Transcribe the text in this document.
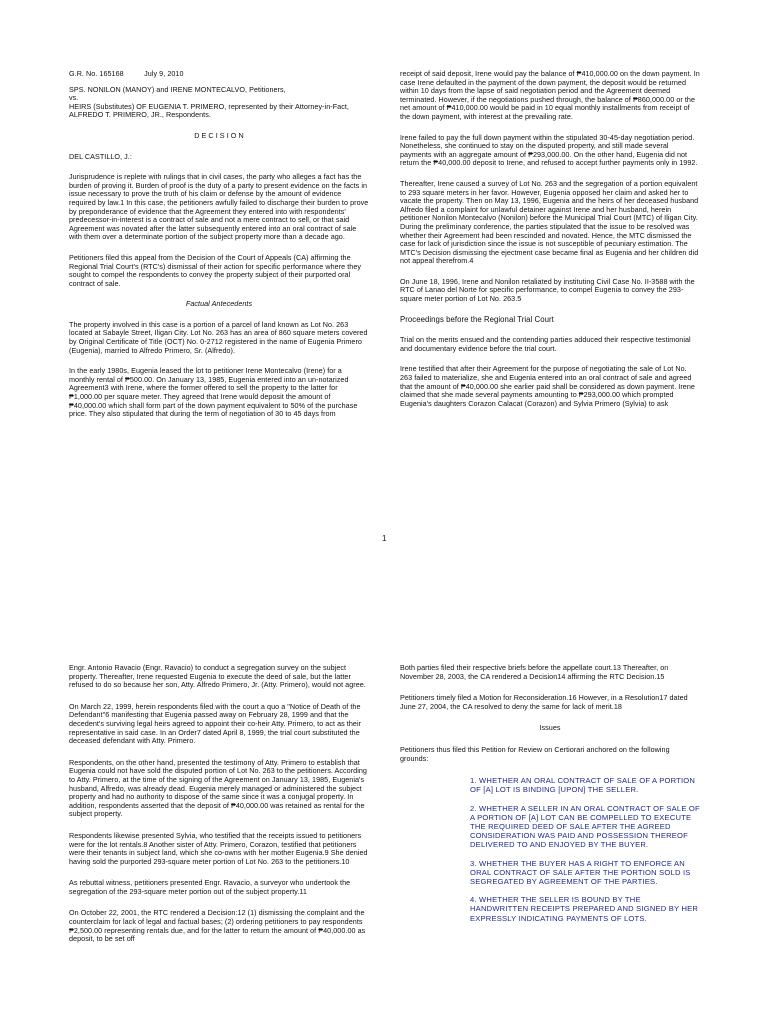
G.R. No. 165168          July 9, 2010

SPS. NONILON (MANOY) and IRENE MONTECALVO, Petitioners,

vs.

HEIRS (Substitutes) OF EUGENIA T. PRIMERO, represented by their Attorney-in-Fact, ALFREDO T. PRIMERO, JR., Respondents.

D E C I S I O N

DEL CASTILLO, J.:

Jurisprudence is replete with rulings that in civil cases, the party who alleges a fact has the burden of proving it. Burden of proof is the duty of a party to present evidence on the facts in issue necessary to prove the truth of his claim or defense by the amount of evidence required by law.1 In this case, the petitioners awfully failed to discharge their burden to prove by preponderance of evidence that the Agreement they entered into with respondents' predecessor-in-interest is a contract of sale and not a mere contract to sell, or that said Agreement was novated after the latter subsequently entered into an oral contract of sale with them over a determinate portion of the subject property more than a decade ago.

Petitioners filed this appeal from the Decision of the Court of Appeals (CA) affirming the Regional Trial Court's (RTC's) dismissal of their action for specific performance where they sought to compel the respondents to convey the property subject of their purported oral contract of sale.

Factual Antecedents

The property involved in this case is a portion of a parcel of land known as Lot No. 263 located at Sabayle Street, Iligan City. Lot No. 263 has an area of 860 square meters covered by Original Certificate of Title (OCT) No. 0-2712 registered in the name of Eugenia Primero (Eugenia), married to Alfredo Primero, Sr. (Alfredo).

In the early 1980s, Eugenia leased the lot to petitioner Irene Montecalvo (Irene) for a monthly rental of ₱500.00. On January 13, 1985, Eugenia entered into an un-notarized Agreement3 with Irene, where the former offered to sell the property to the latter for ₱1,000.00 per square meter. They agreed that Irene would deposit the amount of ₱40,000.00 which shall form part of the down payment equivalent to 50% of the purchase price. They also stipulated that during the term of negotiation of 30 to 45 days from

receipt of said deposit, Irene would pay the balance of ₱410,000.00 on the down payment. In case Irene defaulted in the payment of the down payment, the deposit would be returned within 10 days from the lapse of said negotiation period and the Agreement deemed terminated. However, if the negotiations pushed through, the balance of ₱860,000.00 or the net amount of ₱410,000.00 would be paid in 10 equal monthly installments from receipt of the down payment, with interest at the prevailing rate.

Irene failed to pay the full down payment within the stipulated 30-45-day negotiation period. Nonetheless, she continued to stay on the disputed property, and still made several payments with an aggregate amount of ₱293,000.00. On the other hand, Eugenia did not return the ₱40,000.00 deposit to Irene, and refused to accept further payments only in 1992.

Thereafter, Irene caused a survey of Lot No. 263 and the segregation of a portion equivalent to 293 square meters in her favor. However, Eugenia opposed her claim and asked her to vacate the property. Then on May 13, 1996, Eugenia and the heirs of her deceased husband Alfredo filed a complaint for unlawful detainer against Irene and her husband, herein petitioner Nonilon Montecalvo (Nonilon) before the Municipal Trial Court (MTC) of Iligan City. During the preliminary conference, the parties stipulated that the issue to be resolved was whether their Agreement had been rescinded and novated. Hence, the MTC dismissed the case for lack of jurisdiction since the issue is not susceptible of pecuniary estimation. The MTC's Decision dismissing the ejectment case became final as Eugenia and her children did not appeal therefrom.4

On June 18, 1996, Irene and Nonilon retaliated by instituting Civil Case No. II-3588 with the RTC of Lanao del Norte for specific performance, to compel Eugenia to convey the 293-square meter portion of Lot No. 263.5

Proceedings before the Regional Trial Court

Trial on the merits ensued and the contending parties adduced their respective testimonial and documentary evidence before the trial court.

Irene testified that after their Agreement for the purpose of negotiating the sale of Lot No. 263 failed to materialize, she and Eugenia entered into an oral contract of sale and agreed that the amount of ₱40,000.00 she earlier paid shall be considered as down payment. Irene claimed that she made several payments amounting to ₱293,000.00 which prompted Eugenia's daughters Corazon Calacat (Corazon) and Sylvia Primero (Sylvia) to ask

1

Engr. Antonio Ravacio (Engr. Ravacio) to conduct a segregation survey on the subject property. Thereafter, Irene requested Eugenia to execute the deed of sale, but the latter refused to do so because her son, Atty. Alfredo Primero, Jr. (Atty. Primero), would not agree.

On March 22, 1999, herein respondents filed with the court a quo a "Notice of Death of the Defendant"6 manifesting that Eugenia passed away on February 28, 1999 and that the decedent's surviving legal heirs agreed to appoint their co-heir Atty. Primero, to act as their representative in said case. In an Order7 dated April 8, 1999, the trial court substituted the deceased defendant with Atty. Primero.

Respondents, on the other hand, presented the testimony of Atty. Primero to establish that Eugenia could not have sold the disputed portion of Lot No. 263 to the petitioners. According to Atty. Primero, at the time of the signing of the Agreement on January 13, 1985, Eugenia's husband, Alfredo, was already dead. Eugenia merely managed or administered the subject property and had no authority to dispose of the same since it was a conjugal property. In addition, respondents asserted that the deposit of ₱40,000.00 was retained as rental for the subject property.

Respondents likewise presented Sylvia, who testified that the receipts issued to petitioners were for the lot rentals.8 Another sister of Atty. Primero, Corazon, testified that petitioners were their tenants in subject land, which she co-owns with her mother Eugenia.9 She denied having sold the purported 293-square meter portion of Lot No. 263 to the petitioners.10

As rebuttal witness, petitioners presented Engr. Ravacio, a surveyor who undertook the segregation of the 293-square meter portion out of the subject property.11

On October 22, 2001, the RTC rendered a Decision:12 (1) dismissing the complaint and the counterclaim for lack of legal and factual bases; (2) ordering petitioners to pay respondents ₱2,500.00 representing rentals due, and for the latter to return the amount of ₱40,000.00 as deposit, to be set off

Both parties filed their respective briefs before the appellate court.13 Thereafter, on November 28, 2003, the CA rendered a Decision14 affirming the RTC Decision.15

Petitioners timely filed a Motion for Reconsideration.16 However, in a Resolution17 dated June 27, 2004, the CA resolved to deny the same for lack of merit.18

Issues

Petitioners thus filed this Petition for Review on Certiorari anchored on the following grounds:

1. WHETHER AN ORAL CONTRACT OF SALE OF A PORTION OF [A] LOT IS BINDING [UPON] THE SELLER.
2. WHETHER A SELLER IN AN ORAL CONTRACT OF SALE OF A PORTION OF [A] LOT CAN BE COMPELLED TO EXECUTE THE REQUIRED DEED OF SALE AFTER THE AGREED CONSIDERATION WAS PAID AND POSSESSION THEREOF DELIVERED TO AND ENJOYED BY THE BUYER.
3. WHETHER THE BUYER HAS A RIGHT TO ENFORCE AN ORAL CONTRACT OF SALE AFTER THE PORTION SOLD IS SEGREGATED BY AGREEMENT OF THE PARTIES.
4. WHETHER THE SELLER IS BOUND BY THE HANDWRITTEN RECEIPTS PREPARED AND SIGNED BY HER EXPRESSLY INDICATING PAYMENTS OF LOTS.
